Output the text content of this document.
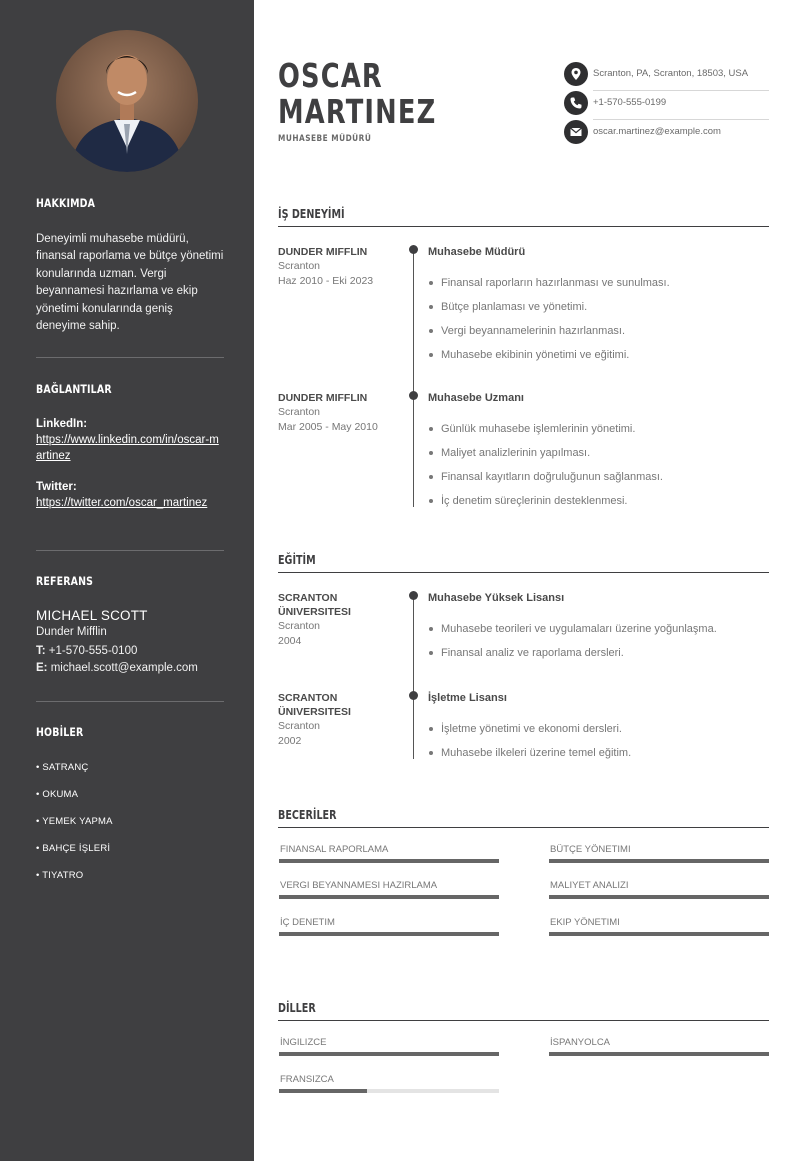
HAKKIMDA
Deneyimli muhasebe müdürü, finansal raporlama ve bütçe yönetimi konularında uzman. Vergi beyannamesi hazırlama ve ekip yönetimi konularında geniş deneyime sahip.
BAĞLANTILAR
LinkedIn:
https://www.linkedin.com/in/oscar-martinez
Twitter:
https://twitter.com/oscar_martinez
REFERANS
MICHAEL SCOTT
Dunder Mifflin
T: +1-570-555-0100
E: michael.scott@example.com
HOBİLER
• SATRANÇ
• OKUMA
• YEMEK YAPMA
• BAHÇE İŞLERİ
• TIYATRO
OSCAR
MARTINEZ
MUHASEBE MÜDÜRÜ
Scranton, PA, Scranton, 18503, USA
+1-570-555-0199
oscar.martinez@example.com
İŞ DENEYİMİ
DUNDER MIFFLIN
Scranton
Haz 2010 - Eki 2023
Muhasebe Müdürü
Finansal raporların hazırlanması ve sunulması.
Bütçe planlaması ve yönetimi.
Vergi beyannamelerinin hazırlanması.
Muhasebe ekibinin yönetimi ve eğitimi.
DUNDER MIFFLIN
Scranton
Mar 2005 - May 2010
Muhasebe Uzmanı
Günlük muhasebe işlemlerinin yönetimi.
Maliyet analizlerinin yapılması.
Finansal kayıtların doğruluğunun sağlanması.
İç denetim süreçlerinin desteklenmesi.
EĞİTİM
SCRANTON
ÜNIVERSITESI
Scranton
2004
Muhasebe Yüksek Lisansı
Muhasebe teorileri ve uygulamaları üzerine yoğunlaşma.
Finansal analiz ve raporlama dersleri.
SCRANTON
ÜNIVERSITESI
Scranton
2002
İşletme Lisansı
İşletme yönetimi ve ekonomi dersleri.
Muhasebe ilkeleri üzerine temel eğitim.
BECERİLER
FINANSAL RAPORLAMA	BÜTÇE YÖNETIMI
VERGI BEYANNAMESI HAZIRLAMA	MALIYET ANALIZI
İÇ DENETIM	EKIP YÖNETIMI
DİLLER
İNGILIZCE	İSPANYOLCA
FRANSIZCA
